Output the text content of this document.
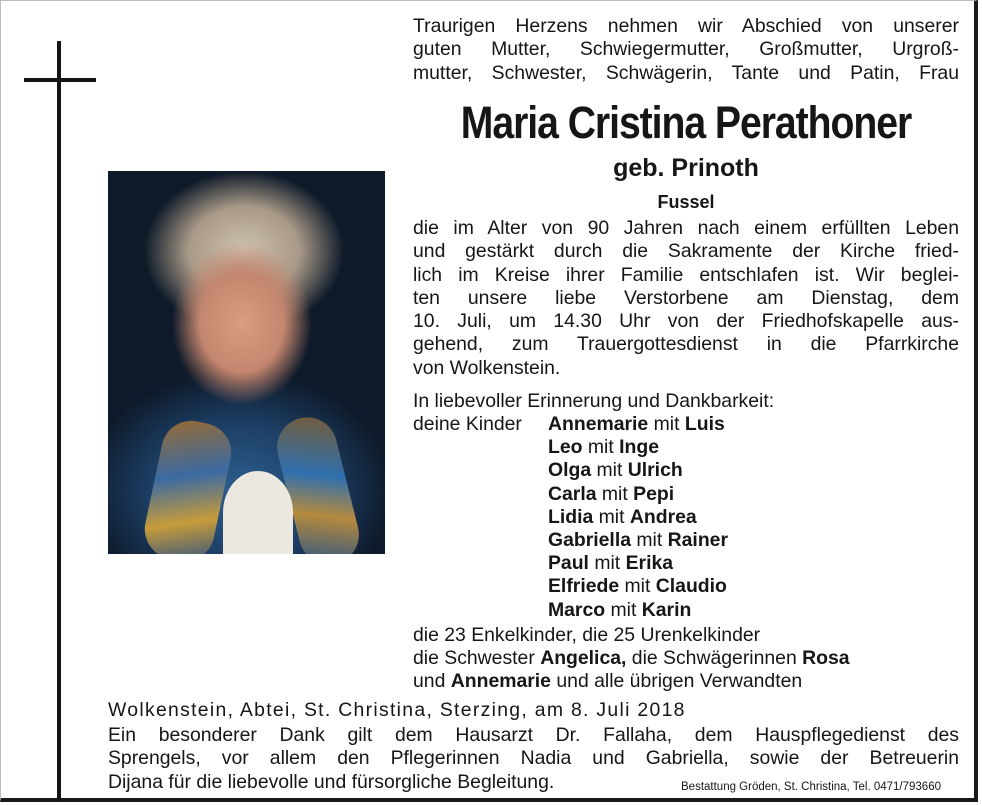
Traurigen Herzens nehmen wir Abschied von unserer
guten Mutter, Schwiegermutter, Großmutter, Urgroß-
mutter, Schwester, Schwägerin, Tante und Patin, Frau
Maria Cristina Perathoner
geb. Prinoth
Fussel
die im Alter von 90 Jahren nach einem erfüllten Leben
und gestärkt durch die Sakramente der Kirche fried-
lich im Kreise ihrer Familie entschlafen ist. Wir beglei-
ten unsere liebe Verstorbene am Dienstag, dem
10. Juli, um 14.30 Uhr von der Friedhofskapelle aus-
gehend, zum Trauergottesdienst in die Pfarrkirche
von Wolkenstein.
In liebevoller Erinnerung und Dankbarkeit:
deine Kinder Annemarie mit Luis
Leo mit Inge
Olga mit Ulrich
Carla mit Pepi
Lidia mit Andrea
Gabriella mit Rainer
Paul mit Erika
Elfriede mit Claudio
Marco mit Karin
die 23 Enkelkinder, die 25 Urenkelkinder
die Schwester Angelica, die Schwägerinnen Rosa
und Annemarie und alle übrigen Verwandten
Wolkenstein, Abtei, St. Christina, Sterzing, am 8. Juli 2018
Ein besonderer Dank gilt dem Hausarzt Dr. Fallaha, dem Hauspflegedienst des
Sprengels, vor allem den Pflegerinnen Nadia und Gabriella, sowie der Betreuerin
Dijana für die liebevolle und fürsorgliche Begleitung.	Bestattung Gröden, St. Christina, Tel. 0471/793660
